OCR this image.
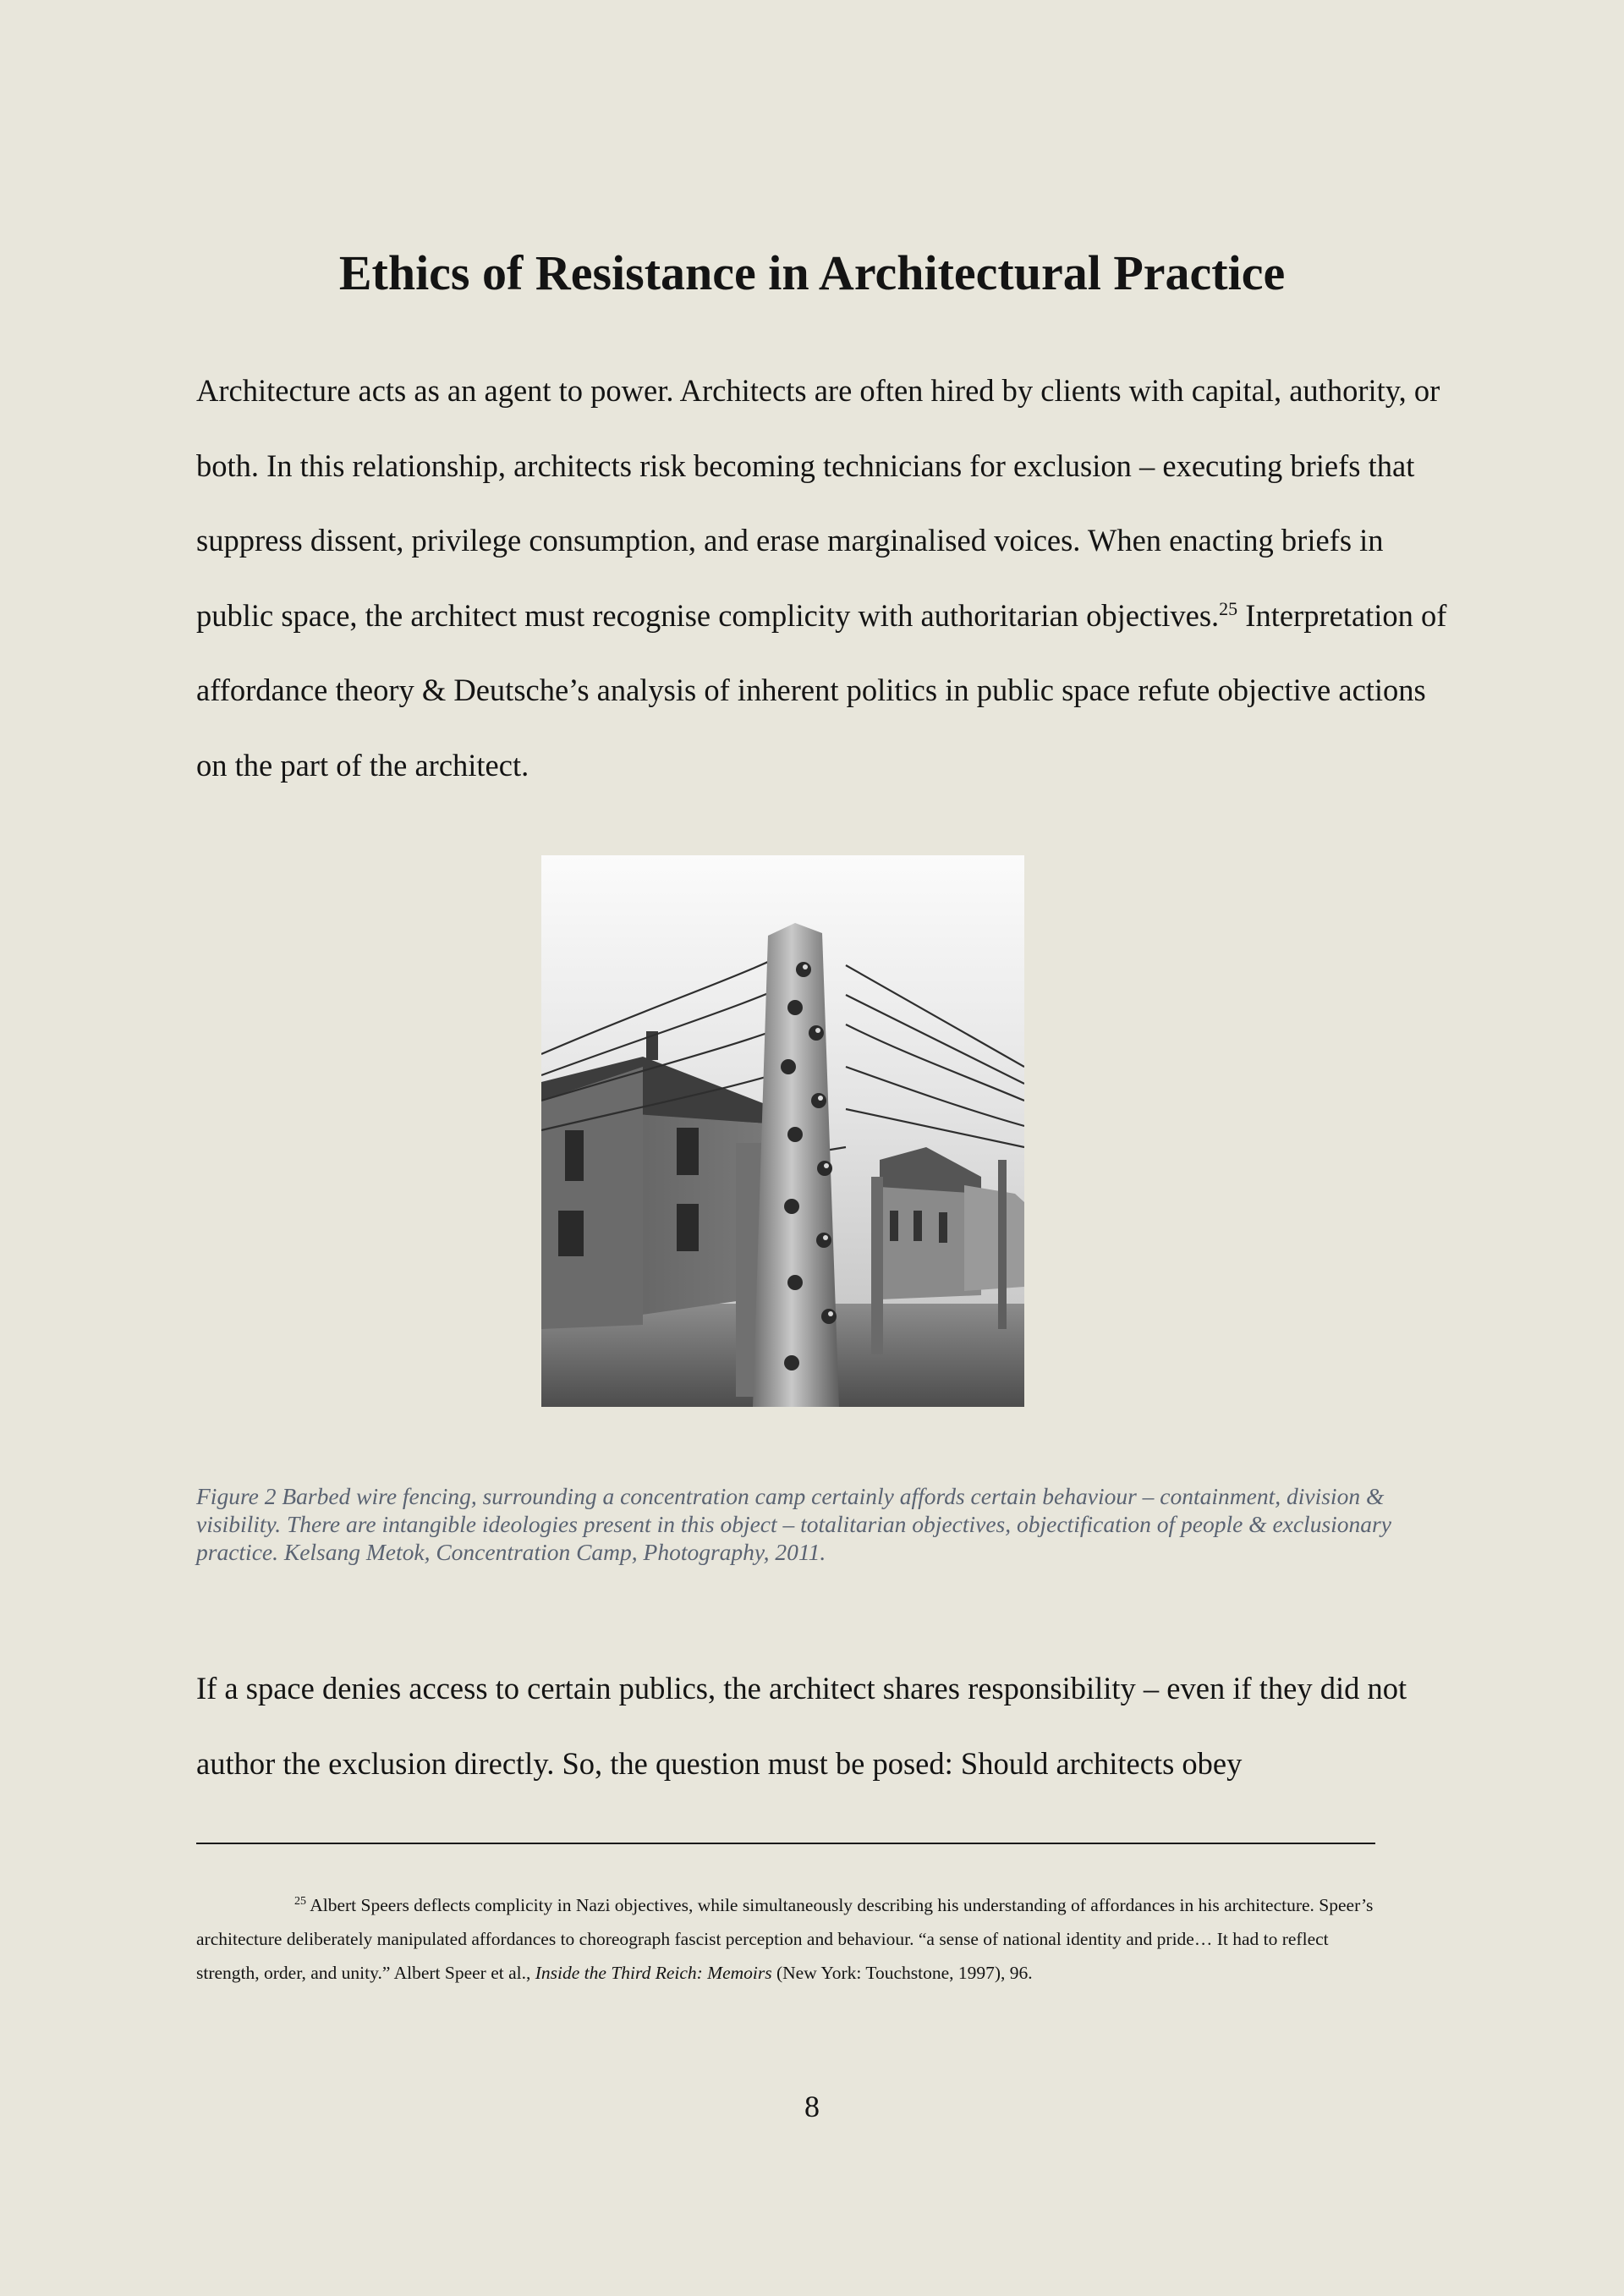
Ethics of Resistance in Architectural Practice

Architecture acts as an agent to power. Architects are often hired by clients with capital, authority, or both. In this relationship, architects risk becoming technicians for exclusion – executing briefs that suppress dissent, privilege consumption, and erase marginalised voices. When enacting briefs in public space, the architect must recognise complicity with authoritarian objectives.$^{25}$ Interpretation of affordance theory & Deutsche’s analysis of inherent politics in public space refute objective actions on the part of the architect.

Figure 2 Barbed wire fencing, surrounding a concentration camp certainly affords certain behaviour – containment, division & visibility. There are intangible ideologies present in this object – totalitarian objectives, objectification of people & exclusionary practice. Kelsang Metok, Concentration Camp, Photography, 2011.

If a space denies access to certain publics, the architect shares responsibility – even if they did not author the exclusion directly. So, the question must be posed: Should architects obey

$^{25}$ Albert Speers deflects complicity in Nazi objectives, while simultaneously describing his understanding of affordances in his architecture. Speer’s architecture deliberately manipulated affordances to choreograph fascist perception and behaviour. “a sense of national identity and pride… It had to reflect strength, order, and unity.” Albert Speer et al., Inside the Third Reich: Memoirs (New York: Touchstone, 1997), 96.

8
